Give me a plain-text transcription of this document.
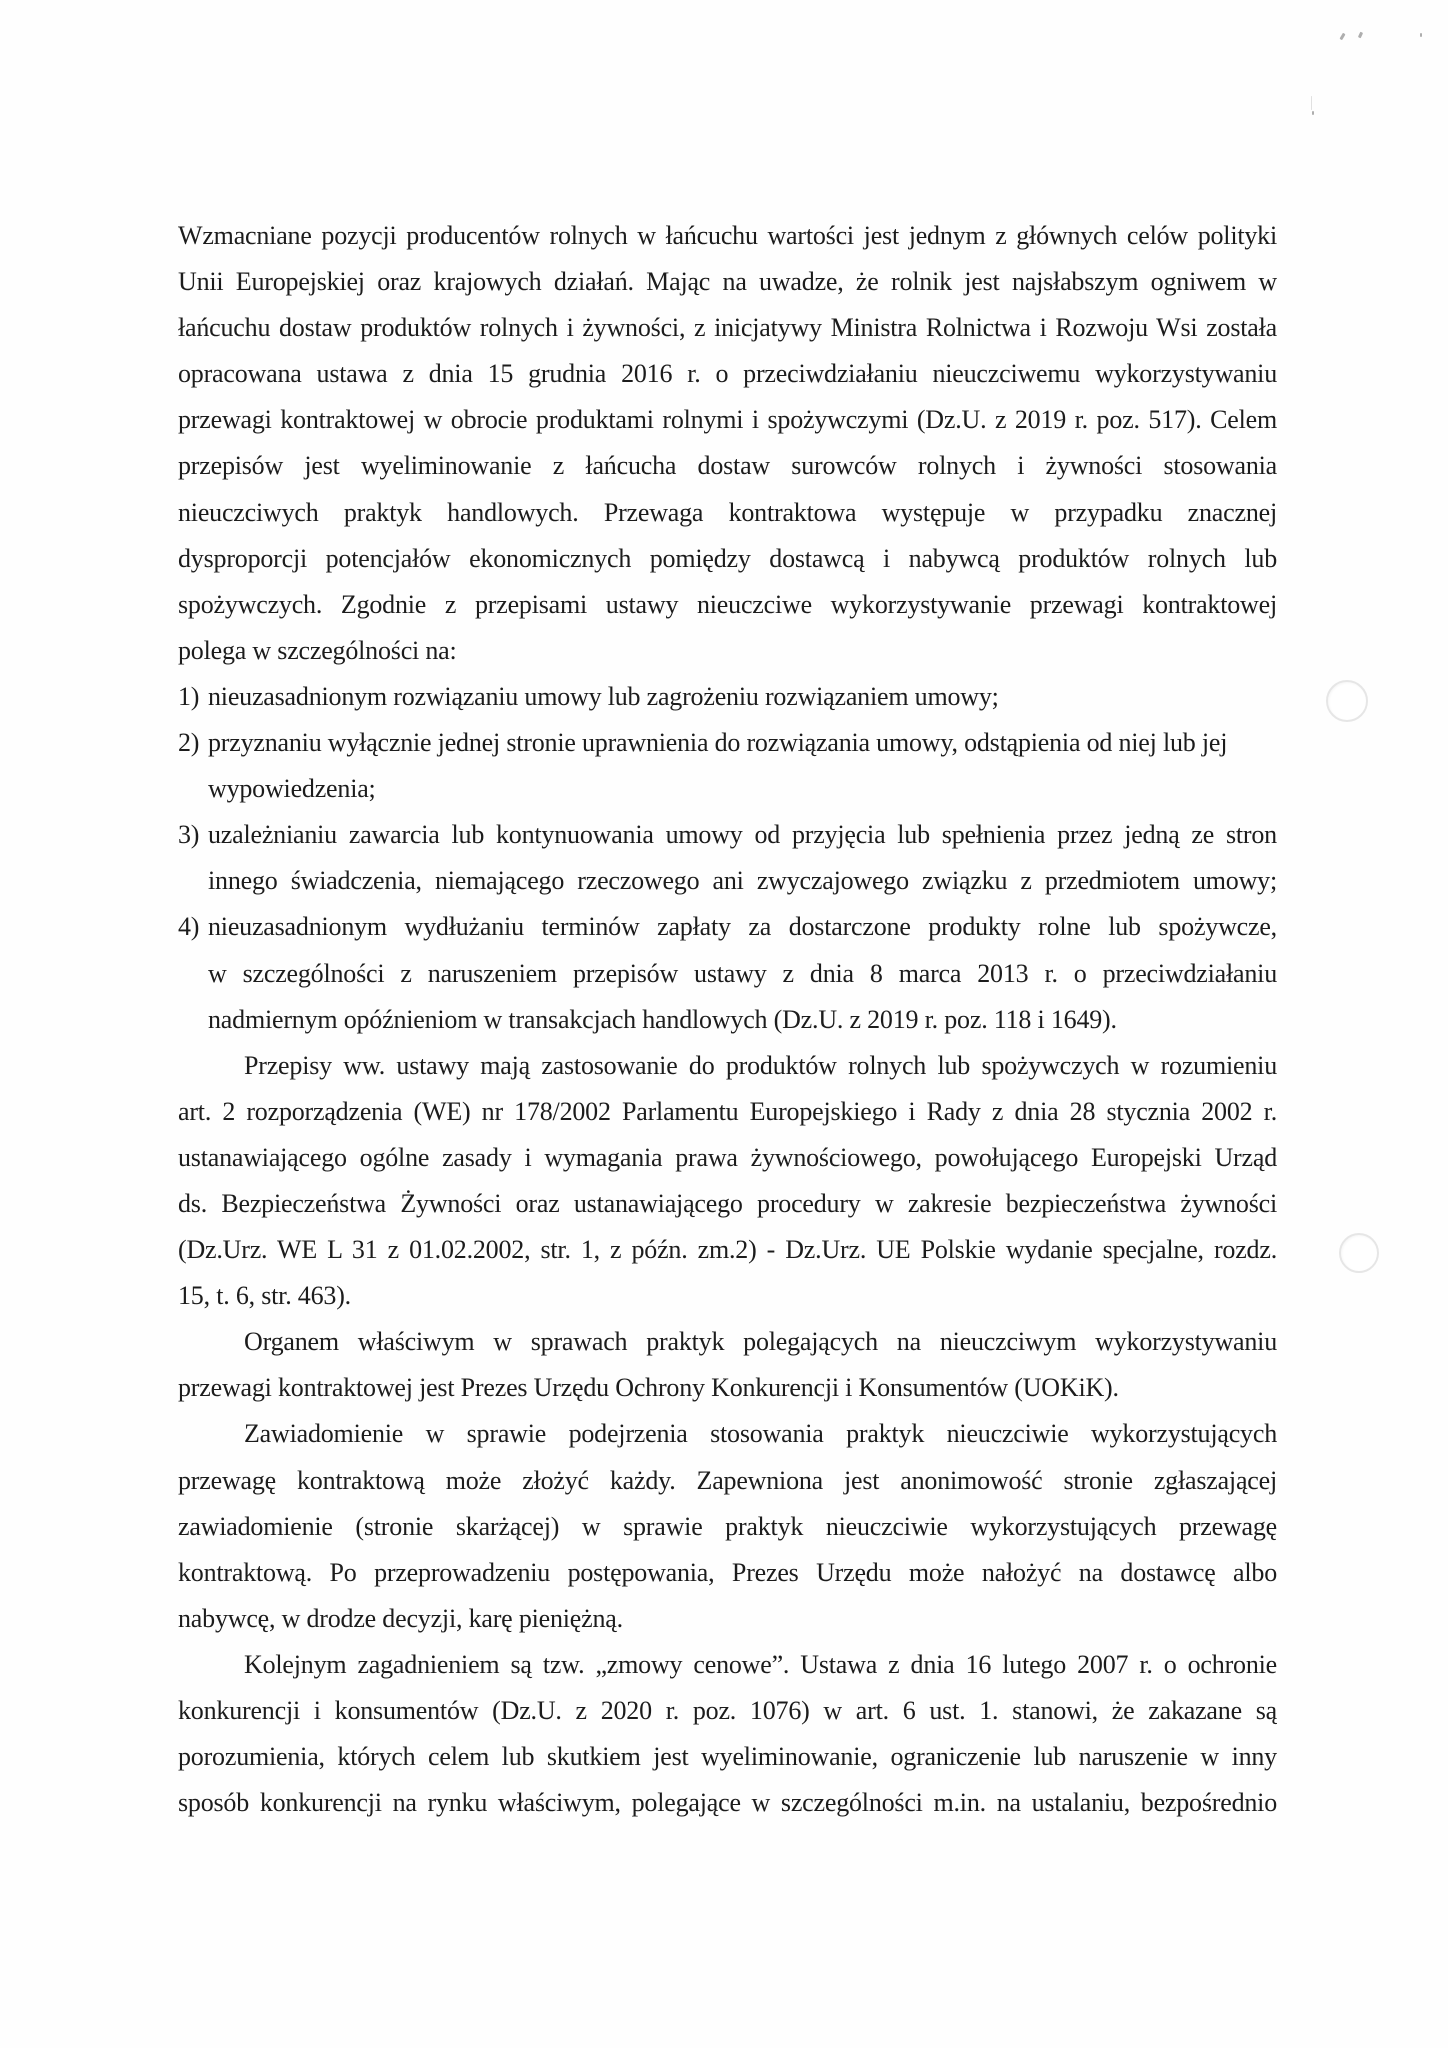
Wzmacniane pozycji producentów rolnych w łańcuchu wartości jest jednym z głównych celów polityki
Unii Europejskiej oraz krajowych działań. Mając na uwadze, że rolnik jest najsłabszym ogniwem w
łańcuchu dostaw produktów rolnych i żywności, z inicjatywy Ministra Rolnictwa i Rozwoju Wsi została
opracowana ustawa z dnia 15 grudnia 2016 r. o przeciwdziałaniu nieuczciwemu wykorzystywaniu
przewagi kontraktowej w obrocie produktami rolnymi i spożywczymi (Dz.U. z 2019 r. poz. 517). Celem
przepisów jest wyeliminowanie z łańcucha dostaw surowców rolnych i żywności stosowania
nieuczciwych praktyk handlowych. Przewaga kontraktowa występuje w przypadku znacznej
dysproporcji potencjałów ekonomicznych pomiędzy dostawcą i nabywcą produktów rolnych lub
spożywczych. Zgodnie z przepisami ustawy nieuczciwe wykorzystywanie przewagi kontraktowej
polega w szczególności na:
1) nieuzasadnionym rozwiązaniu umowy lub zagrożeniu rozwiązaniem umowy;
2) przyznaniu wyłącznie jednej stronie uprawnienia do rozwiązania umowy, odstąpienia od niej lub jej
wypowiedzenia;
3) uzależnianiu zawarcia lub kontynuowania umowy od przyjęcia lub spełnienia przez jedną ze stron
innego świadczenia, niemającego rzeczowego ani zwyczajowego związku z przedmiotem umowy;
4) nieuzasadnionym wydłużaniu terminów zapłaty za dostarczone produkty rolne lub spożywcze,
w szczególności z naruszeniem przepisów ustawy z dnia 8 marca 2013 r. o przeciwdziałaniu
nadmiernym opóźnieniom w transakcjach handlowych (Dz.U. z 2019 r. poz. 118 i 1649).
Przepisy ww. ustawy mają zastosowanie do produktów rolnych lub spożywczych w rozumieniu
art. 2 rozporządzenia (WE) nr 178/2002 Parlamentu Europejskiego i Rady z dnia 28 stycznia 2002 r.
ustanawiającego ogólne zasady i wymagania prawa żywnościowego, powołującego Europejski Urząd
ds. Bezpieczeństwa Żywności oraz ustanawiającego procedury w zakresie bezpieczeństwa żywności
(Dz.Urz. WE L 31 z 01.02.2002, str. 1, z późn. zm.2) - Dz.Urz. UE Polskie wydanie specjalne, rozdz.
15, t. 6, str. 463).
Organem właściwym w sprawach praktyk polegających na nieuczciwym wykorzystywaniu
przewagi kontraktowej jest Prezes Urzędu Ochrony Konkurencji i Konsumentów (UOKiK).
Zawiadomienie w sprawie podejrzenia stosowania praktyk nieuczciwie wykorzystujących
przewagę kontraktową może złożyć każdy. Zapewniona jest anonimowość stronie zgłaszającej
zawiadomienie (stronie skarżącej) w sprawie praktyk nieuczciwie wykorzystujących przewagę
kontraktową. Po przeprowadzeniu postępowania, Prezes Urzędu może nałożyć na dostawcę albo
nabywcę, w drodze decyzji, karę pieniężną.
Kolejnym zagadnieniem są tzw. „zmowy cenowe”. Ustawa z dnia 16 lutego 2007 r. o ochronie
konkurencji i konsumentów (Dz.U. z 2020 r. poz. 1076) w art. 6 ust. 1. stanowi, że zakazane są
porozumienia, których celem lub skutkiem jest wyeliminowanie, ograniczenie lub naruszenie w inny
sposób konkurencji na rynku właściwym, polegające w szczególności m.in. na ustalaniu, bezpośrednio
